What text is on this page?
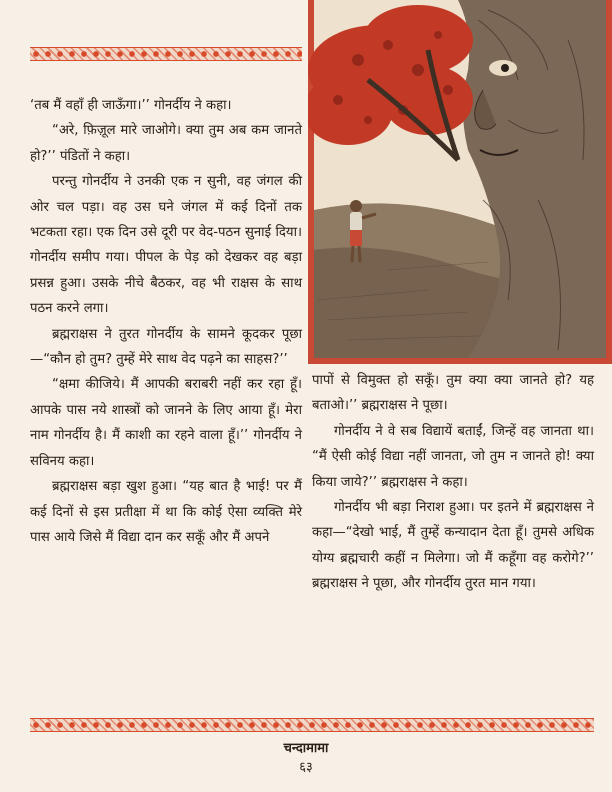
‘तब मैं वहाँ ही जाऊँगा।’’ गोनर्दीय ने कहा।

“अरे, फ़िज़ूल मारे जाओगे। क्या तुम अब कम जानते हो?’’ पंडितों ने कहा।

परन्तु गोनर्दीय ने उनकी एक न सुनी, वह जंगल की ओर चल पड़ा। वह उस घने जंगल में कई दिनों तक भटकता रहा। एक दिन उसे दूरी पर वेद-पठन सुनाई दिया। गोनर्दीय समीप गया। पीपल के पेड़ को देखकर वह बड़ा प्रसन्न हुआ। उसके नीचे बैठकर, वह भी राक्षस के साथ पठन करने लगा।

ब्रह्मराक्षस ने तुरत गोनर्दीय के सामने कूदकर पूछा—“कौन हो तुम? तुम्हें मेरे साथ वेद पढ़ने का साहस?’’

“क्षमा कीजिये। मैं आपकी बराबरी नहीं कर रहा हूँ। आपके पास नये शास्त्रों को जानने के लिए आया हूँ। मेरा नाम गोनर्दीय है। मैं काशी का रहने वाला हूँ।’’ गोनर्दीय ने सविनय कहा।

ब्रह्मराक्षस बड़ा खुश हुआ। “यह बात है भाई! पर मैं कई दिनों से इस प्रतीक्षा में था कि कोई ऐसा व्यक्ति मेरे पास आये जिसे मैं विद्या दान कर सकूँ और मैं अपने

पापों से विमुक्त हो सकूँ। तुम क्या क्या जानते हो? यह बताओ।’’ ब्रह्मराक्षस ने पूछा।

गोनर्दीय ने वे सब विद्यायें बताईं, जिन्हें वह जानता था। “मैं ऐसी कोई विद्या नहीं जानता, जो तुम न जानते हो! क्या किया जाये?’’ ब्रह्मराक्षस ने कहा।

गोनर्दीय भी बड़ा निराश हुआ। पर इतने में ब्रह्मराक्षस ने कहा—“देखो भाई, मैं तुम्हें कन्यादान देता हूँ। तुमसे अधिक योग्य ब्रह्मचारी कहीं न मिलेगा। जो मैं कहूँगा वह करोगे?’’ ब्रह्मराक्षस ने पूछा, और गोनर्दीय तुरत मान गया।

चन्दामामा
६३
